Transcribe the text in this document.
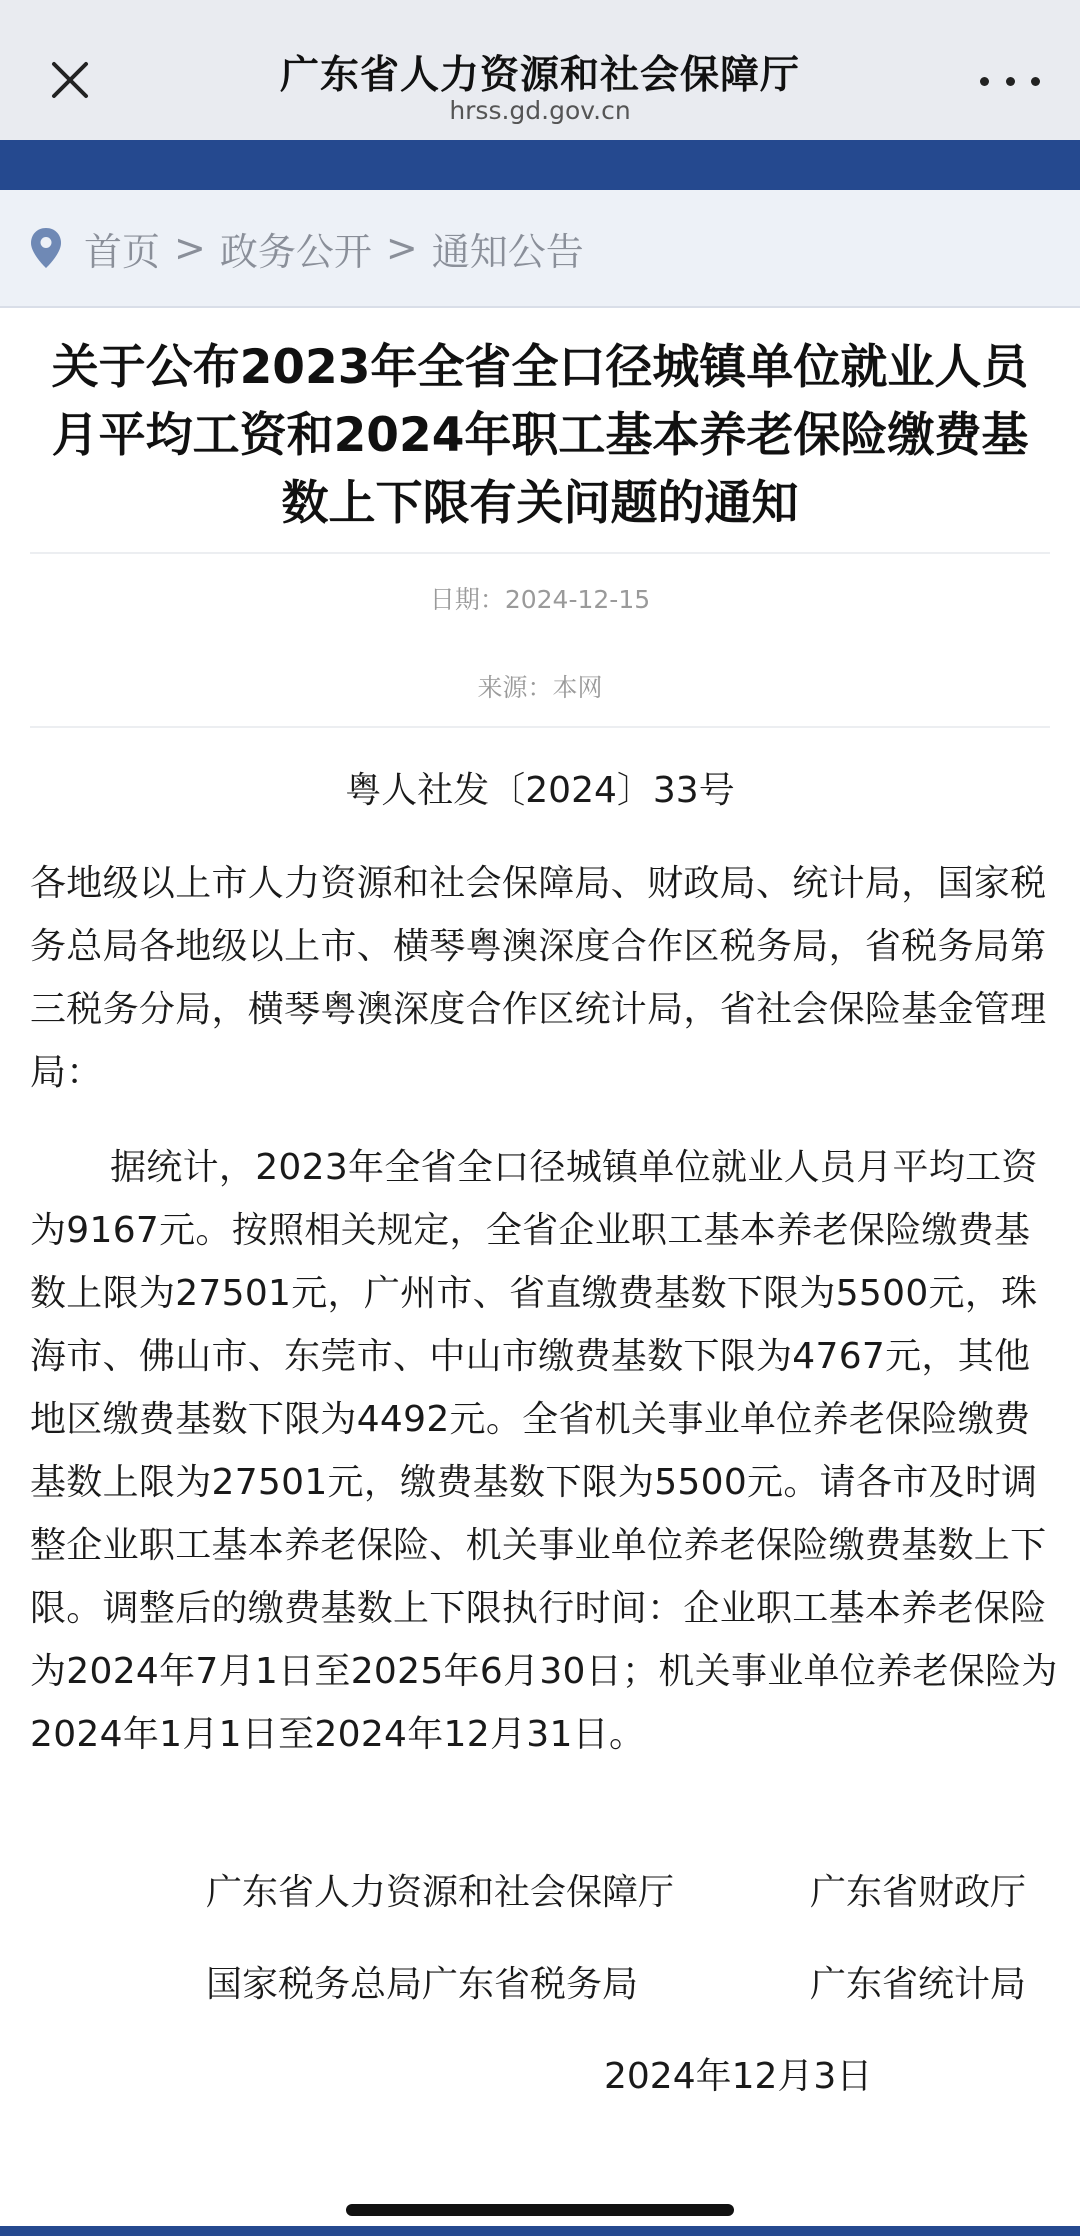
广东省人力资源和社会保障厅
hrss.gd.gov.cn
首页 > 政务公开 > 通知公告
关于公布2023年全省全口径城镇单位就业人员月平均工资和2024年职工基本养老保险缴费基数上下限有关问题的通知
日期：2024-12-15
来源：本网
粤人社发〔2024〕33号
各地级以上市人力资源和社会保障局、财政局、统计局，国家税务总局各地级以上市、横琴粤澳深度合作区税务局，省税务局第三税务分局，横琴粤澳深度合作区统计局，省社会保险基金管理局：
据统计，2023年全省全口径城镇单位就业人员月平均工资为9167元。按照相关规定，全省企业职工基本养老保险缴费基数上限为27501元，广州市、省直缴费基数下限为5500元，珠海市、佛山市、东莞市、中山市缴费基数下限为4767元，其他地区缴费基数下限为4492元。全省机关事业单位养老保险缴费基数上限为27501元，缴费基数下限为5500元。请各市及时调整企业职工基本养老保险、机关事业单位养老保险缴费基数上下限。调整后的缴费基数上下限执行时间：企业职工基本养老保险为2024年7月1日至2025年6月30日；机关事业单位养老保险为2024年1月1日至2024年12月31日。
广东省人力资源和社会保障厅	广东省财政厅
国家税务总局广东省税务局	广东省统计局
2024年12月3日
